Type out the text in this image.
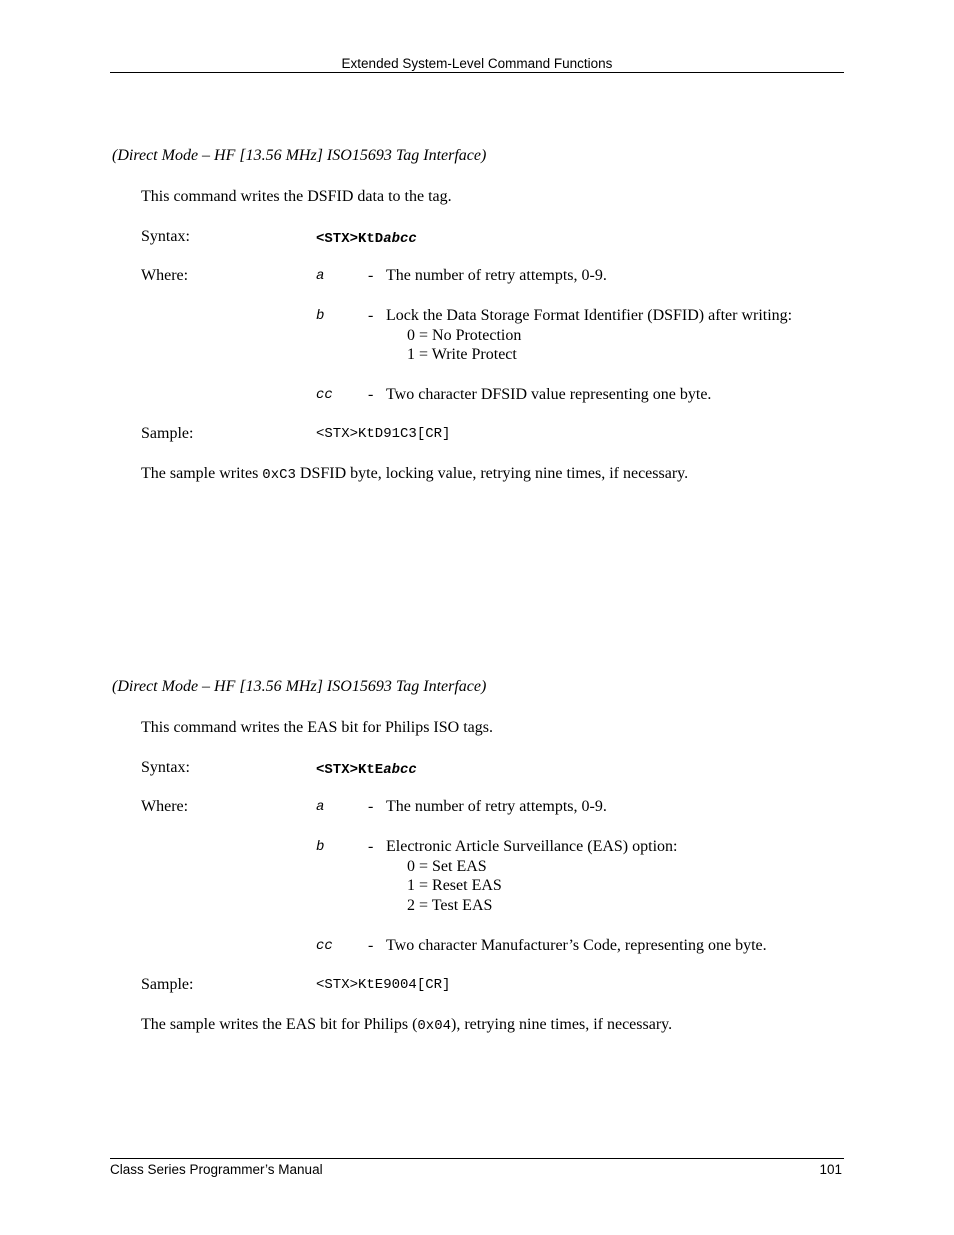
Extended System-Level Command Functions
(Direct Mode – HF [13.56 MHz] ISO15693 Tag Interface)
This command writes the DSFID data to the tag.
Syntax:	<STX>KtDabcc
Where:	a	- The number of retry attempts, 0-9.
b	- Lock the Data Storage Format Identifier (DSFID) after writing:
0 = No Protection
1 = Write Protect
cc - Two character DFSID value representing one byte.
Sample:	<STX>KtD91C3[CR]
The sample writes 0xC3 DSFID byte, locking value, retrying nine times, if necessary.
(Direct Mode – HF [13.56 MHz] ISO15693 Tag Interface)
This command writes the EAS bit for Philips ISO tags.
Syntax:	<STX>KtEabcc
Where:	a	- The number of retry attempts, 0-9.
b	- Electronic Article Surveillance (EAS) option:
0 = Set EAS
1 = Reset EAS
2 = Test EAS
cc - Two character Manufacturer’s Code, representing one byte.
Sample:	<STX>KtE9004[CR]
The sample writes the EAS bit for Philips (0x04), retrying nine times, if necessary.
Class Series Programmer’s Manual	101
